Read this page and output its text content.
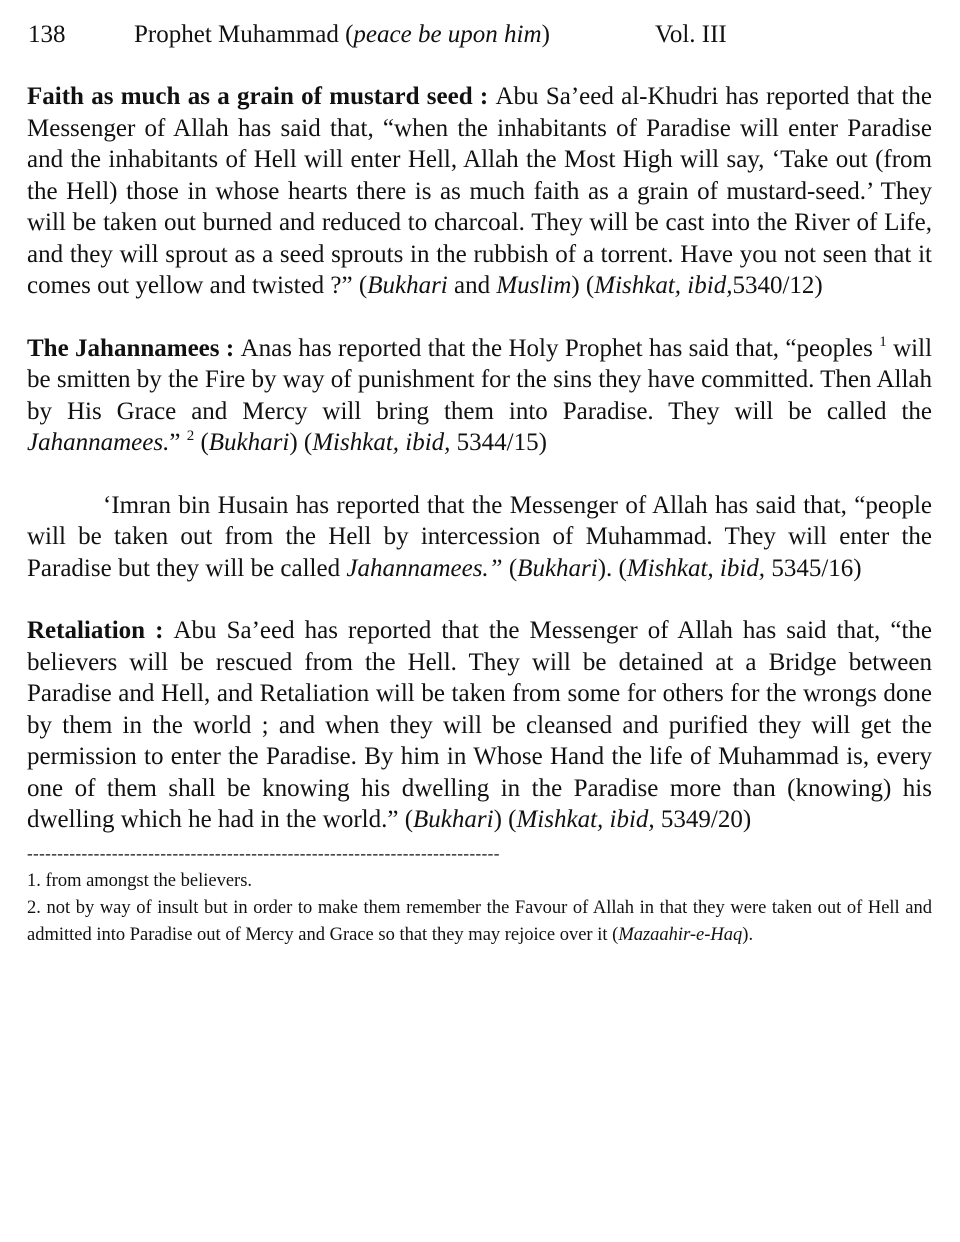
138	Prophet Muhammad (peace be upon him)	Vol. III

Faith as much as a grain of mustard seed : Abu Sa’eed al-Khudri has reported that the Messenger of Allah has said that, “when the inhabitants of Paradise will enter Paradise and the inhabitants of Hell will enter Hell, Allah the Most High will say, ‘Take out (from the Hell) those in whose hearts there is as much faith as a grain of mustard-seed.’ They will be taken out burned and reduced to charcoal. They will be cast into the River of Life, and they will sprout as a seed sprouts in the rubbish of a torrent. Have you not seen that it comes out yellow and twisted ?” (Bukhari and Muslim) (Mishkat, ibid,5340/12)

The Jahannamees : Anas has reported that the Holy Prophet has said that, “peoples $^1$ will be smitten by the Fire by way of punishment for the sins they have committed. Then Allah by His Grace and Mercy will bring them into Paradise. They will be called the Jahannamees.” $^2$ (Bukhari) (Mishkat, ibid, 5344/15)

‘Imran bin Husain has reported that the Messenger of Allah has said that, “people will be taken out from the Hell by intercession of Muhammad. They will enter the Paradise but they will be called Jahannamees.” (Bukhari). (Mishkat, ibid, 5345/16)

Retaliation : Abu Sa’eed has reported that the Messenger of Allah has said that, “the believers will be rescued from the Hell. They will be detained at a Bridge between Paradise and Hell, and Retaliation will be taken from some for others for the wrongs done by them in the world ; and when they will be cleansed and purified they will get the permission to enter the Paradise. By him in Whose Hand the life of Muhammad is, every one of them shall be knowing his dwelling in the Paradise more than (knowing) his dwelling which he had in the world.” (Bukhari) (Mishkat, ibid, 5349/20)

------------------------------------------------------------------------------

1. from amongst the believers.

2. not by way of insult but in order to make them remember the Favour of Allah in that they were taken out of Hell and admitted into Paradise out of Mercy and Grace so that they may rejoice over it (Mazaahir-e-Haq).
